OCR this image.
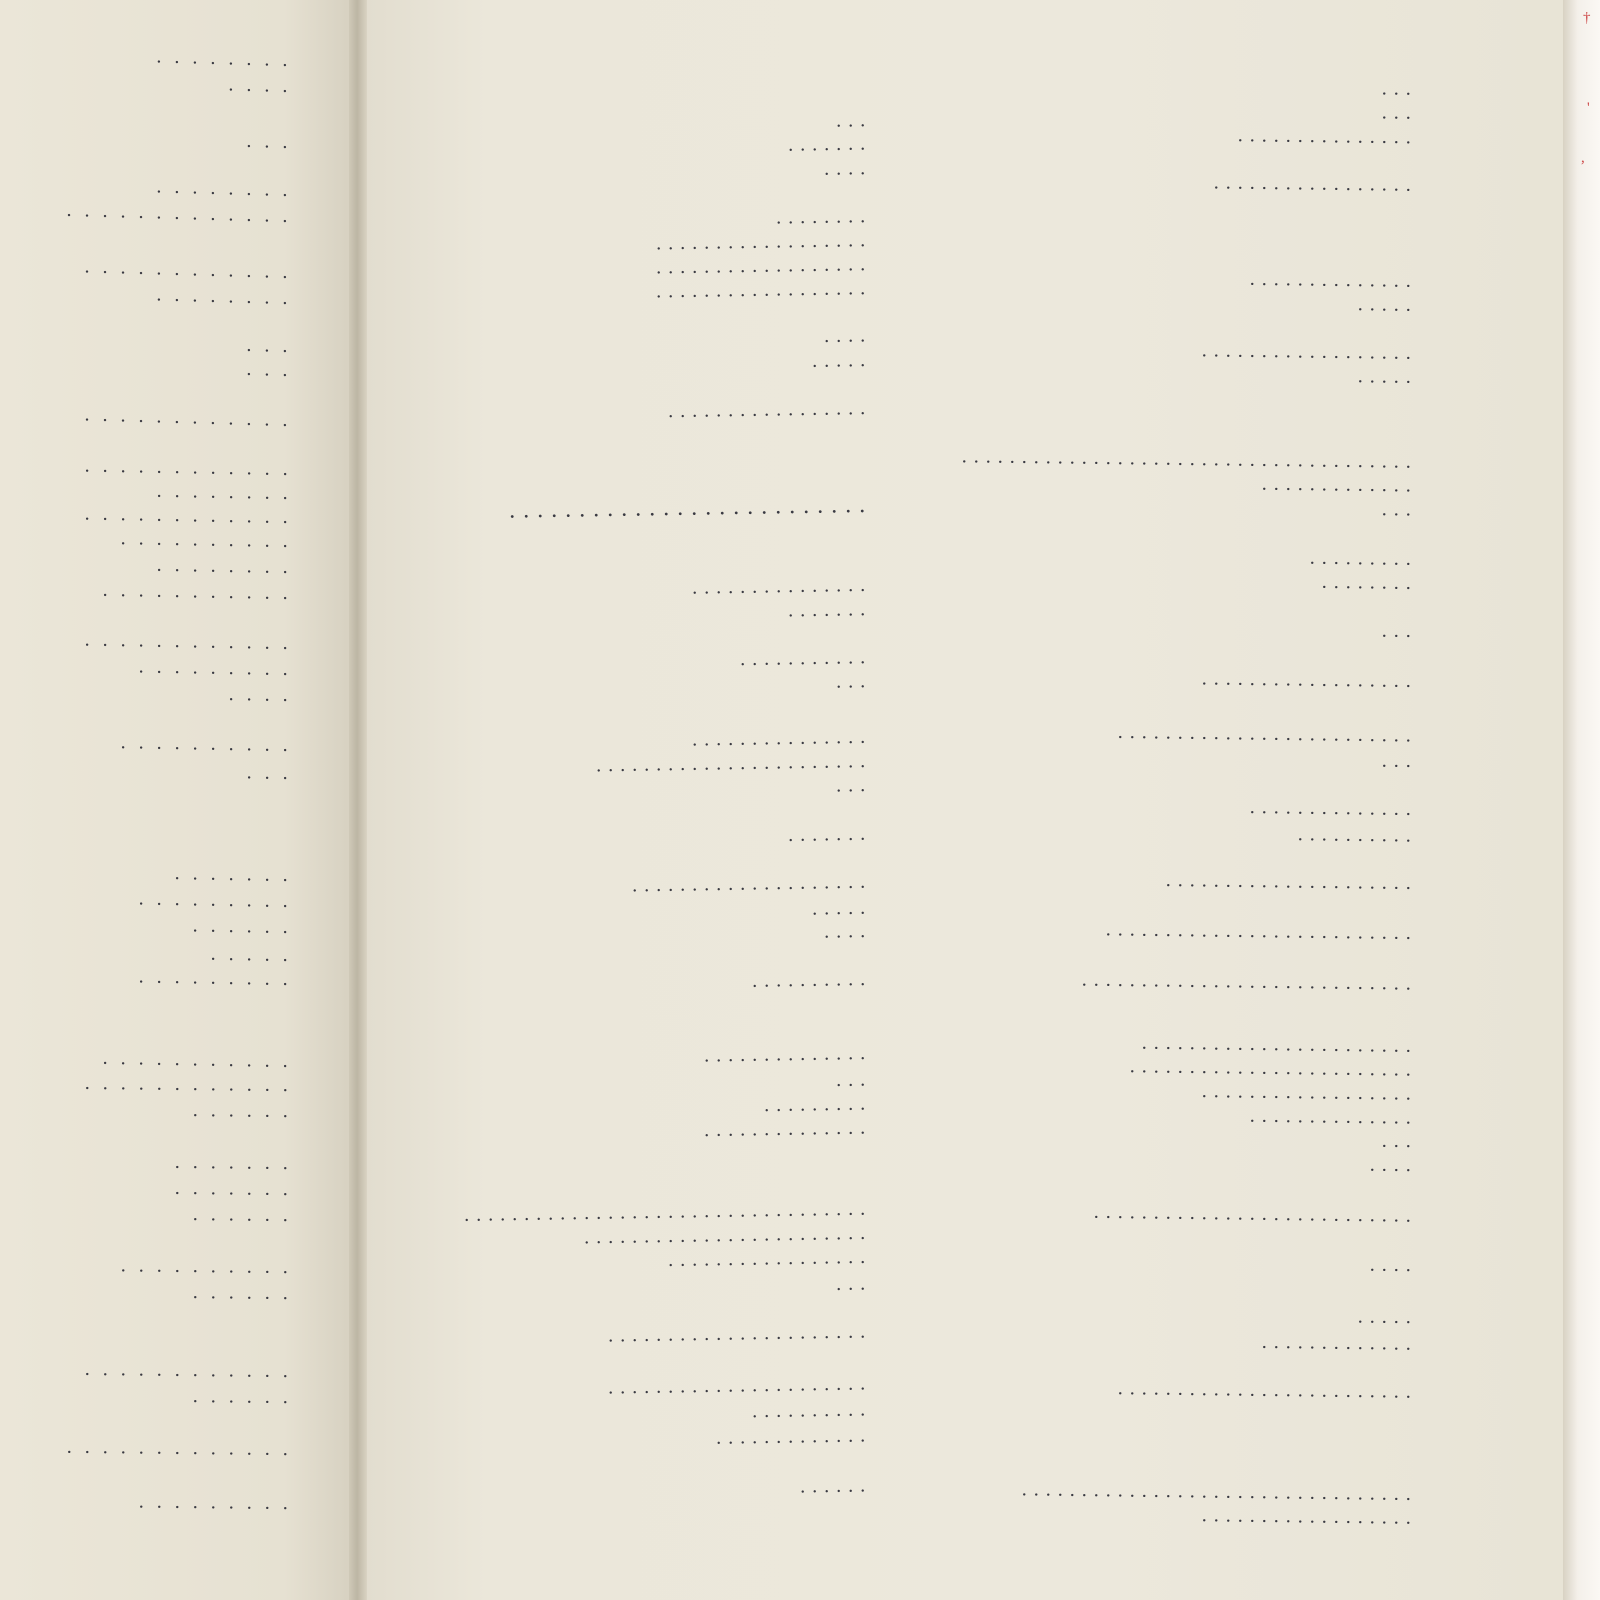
†
'
,
. . . . . . . .
. . . .
. . .
. . . . . . . .
. . . . . . . . . . . . .
. . . . . . . . . . . .
. . . . . . . .
. . .
. . .
. . . . . . . . . . . .
. . . . . . . . . . . .
. . . . . . . .
. . . . . . . . . . . .
. . . . . . . . . .
. . . . . . . .
. . . . . . . . . . .
. . . . . . . . . . . .
. . . . . . . . .
. . . .
. . . . . . . . . .
. . .
. . . . . . .
. . . . . . . . .
. . . . . .
. . . . .
. . . . . . . . .
. . . . . . . . . . .
. . . . . . . . . . . .
. . . . . .
. . . . . . .
. . . . . . .
. . . . . .
. . . . . . . . . .
. . . . . .
. . . . . . . . . . . .
. . . . . .
. . . . . . . . . . . . .
. . . . . . . . .
. . .
. . . . . . .
. . . .
. . . . . . . .
. . . . . . . . . . . . . . . . . .
. . . . . . . . . . . . . . . . . .
. . . . . . . . . . . . . . . . . .
. . . .
. . . . .
. . . . . . . . . . . . . . . . .
. . . . . . . . . . . . . . . . . . . . . . . . . .
. . . . . . . . . . . . . . .
. . . . . . .
. . . . . . . . . . .
. . .
. . . . . . . . . . . . . . .
. . . . . . . . . . . . . . . . . . . . . . .
. . .
. . . . . . .
. . . . . . . . . . . . . . . . . . . .
. . . . .
. . . .
. . . . . . . . . .
. . . . . . . . . . . . . .
. . .
. . . . . . . . .
. . . . . . . . . . . . . .
. . . . . . . . . . . . . . . . . . . . . . . . . . . . . . . . . .
. . . . . . . . . . . . . . . . . . . . . . . .
. . . . . . . . . . . . . . . . .
. . .
. . . . . . . . . . . . . . . . . . . . . .
. . . . . . . . . . . . . . . . . . . . . .
. . . . . . . . . .
. . . . . . . . . . . . .
. . . . . .
. . .
. . .
. . . . . . . . . . . . . . .
. . . . . . . . . . . . . . . . .
. . . . . . . . . . . . . .
. . . . .
. . . . . . . . . . . . . . . . . .
. . . . .
. . . . . . . . . . . . . . . . . . . . . . . . . . . . . . . . . . . . . .
. . . . . . . . . . . . .
. . .
. . . . . . . . .
. . . . . . . .
. . .
. . . . . . . . . . . . . . . . . .
. . . . . . . . . . . . . . . . . . . . . . . . .
. . .
. . . . . . . . . . . . . .
. . . . . . . . . .
. . . . . . . . . . . . . . . . . . . . .
. . . . . . . . . . . . . . . . . . . . . . . . . .
. . . . . . . . . . . . . . . . . . . . . . . . . . . .
. . . . . . . . . . . . . . . . . . . . . . .
. . . . . . . . . . . . . . . . . . . . . . . .
. . . . . . . . . . . . . . . . . .
. . . . . . . . . . . . . .
. . .
. . . .
. . . . . . . . . . . . . . . . . . . . . . . . . . .
. . . .
. . . . .
. . . . . . . . . . . . .
. . . . . . . . . . . . . . . . . . . . . . . . .
. . . . . . . . . . . . . . . . . . . . . . . . . . . . . . . . .
. . . . . . . . . . . . . . . . . .
